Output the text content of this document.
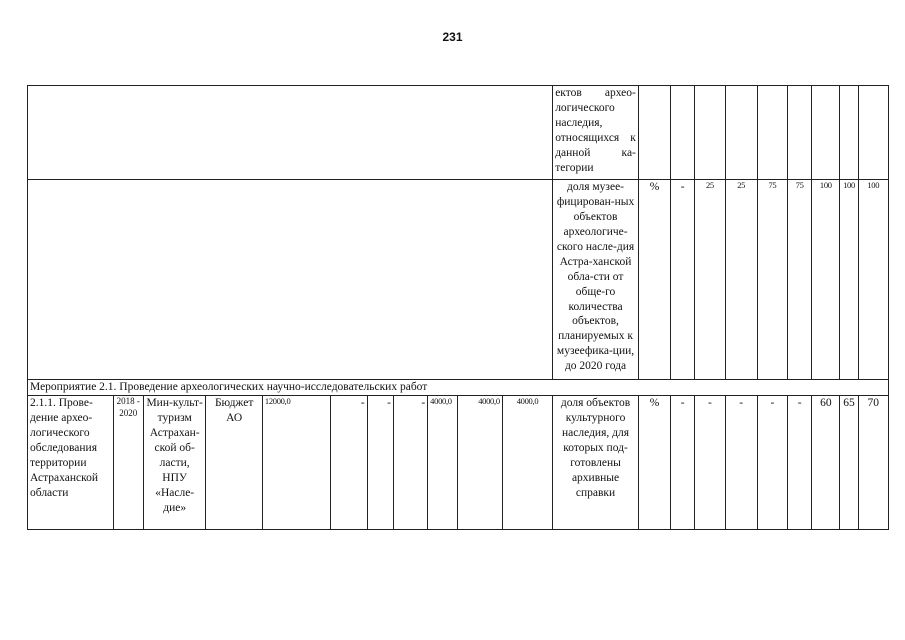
231
											ектов архео-логического наследия, относящихся к данной ка-тегории									
											доля музее-фицирован-ных объектов археологиче-ского насле-дия Астра-ханской обла-сти от обще-го количества объектов, планируемых к музеефика-ции, до 2020 года	%	-	25	25	75	75	100	100	100
Мероприятие 2.1. Проведение археологических научно-исследовательских работ																				
2.1.1. Прове-дение архео-логического обследования территории Астраханской области	2018 - 2020	Мин-культ-туризм Астрахан-ской об-ласти, НПУ «Насле-дие»	Бюджет АО	12000,0	-	-	-	4000,0	4000,0	4000,0	доля объектов культурного наследия, для которых под-готовлены архивные справки	%	-	-	-	-	-	60	65	70
